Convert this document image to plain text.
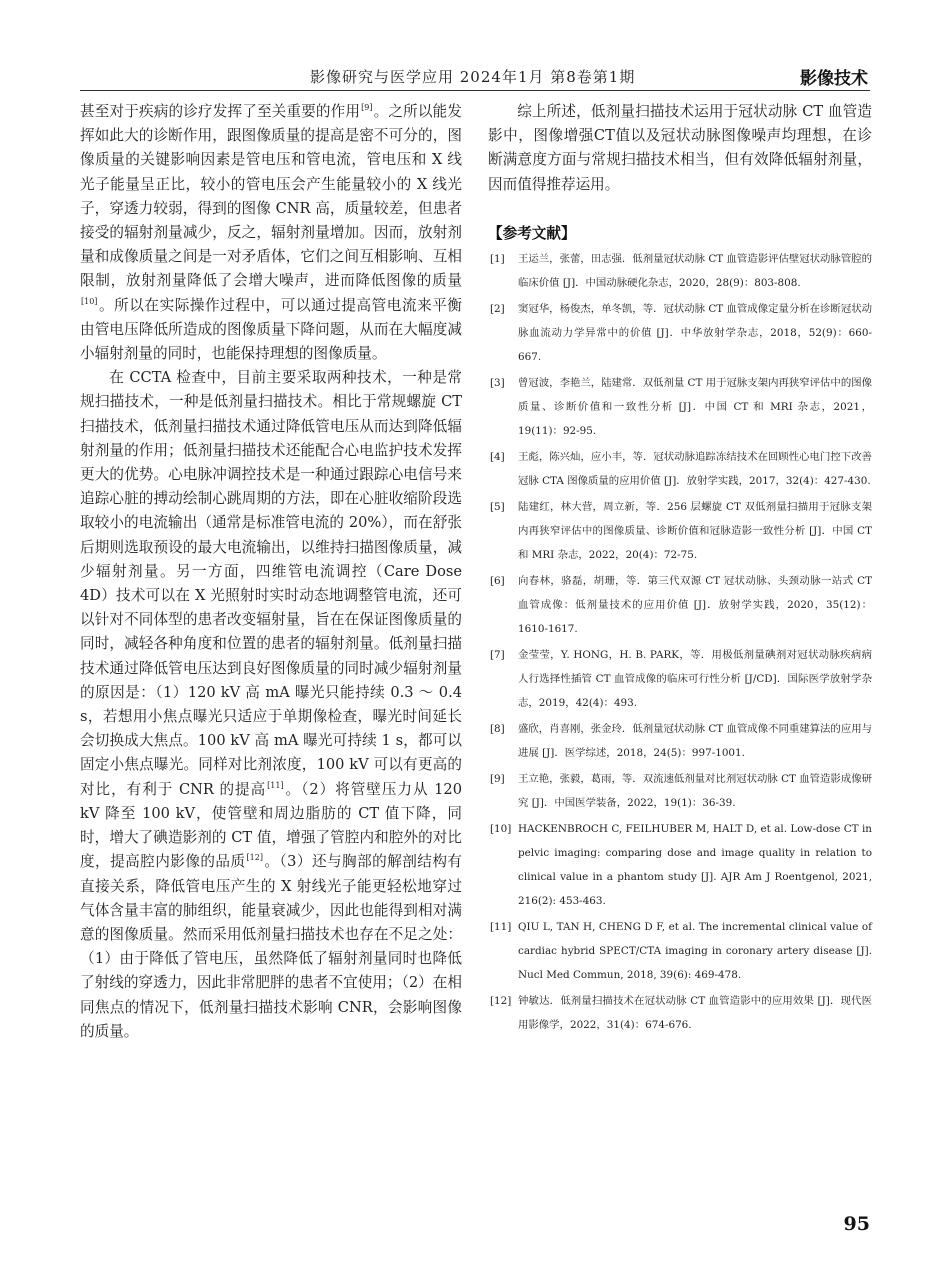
影像研究与医学应用 2024年1月 第8卷第1期	影像技术

甚至对于疾病的诊疗发挥了至关重要的作用[9]。之所以能发挥如此大的诊断作用，跟图像质量的提高是密不可分的，图像质量的关键影响因素是管电压和管电流，管电压和 X 线光子能量呈正比，较小的管电压会产生能量较小的 X 线光子，穿透力较弱，得到的图像 CNR 高，质量较差，但患者接受的辐射剂量减少，反之，辐射剂量增加。因而，放射剂量和成像质量之间是一对矛盾体，它们之间互相影响、互相限制，放射剂量降低了会增大噪声，进而降低图像的质量[10]。所以在实际操作过程中，可以通过提高管电流来平衡由管电压降低所造成的图像质量下降问题，从而在大幅度减小辐射剂量的同时，也能保持理想的图像质量。

在 CCTA 检查中，目前主要采取两种技术，一种是常规扫描技术，一种是低剂量扫描技术。相比于常规螺旋 CT 扫描技术，低剂量扫描技术通过降低管电压从而达到降低辐射剂量的作用；低剂量扫描技术还能配合心电监护技术发挥更大的优势。心电脉冲调控技术是一种通过跟踪心电信号来追踪心脏的搏动绘制心跳周期的方法，即在心脏收缩阶段选取较小的电流输出（通常是标准管电流的 20%），而在舒张后期则选取预设的最大电流输出，以维持扫描图像质量，减少辐射剂量。另一方面，四维管电流调控（Care Dose 4D）技术可以在 X 光照射时实时动态地调整管电流，还可以针对不同体型的患者改变辐射量，旨在在保证图像质量的同时，减轻各种角度和位置的患者的辐射剂量。低剂量扫描技术通过降低管电压达到良好图像质量的同时减少辐射剂量的原因是：（1）120 kV 高 mA 曝光只能持续 0.3 ～ 0.4 s，若想用小焦点曝光只适应于单期像检查，曝光时间延长会切换成大焦点。100 kV 高 mA 曝光可持续 1 s，都可以固定小焦点曝光。同样对比剂浓度，100 kV 可以有更高的对比，有利于 CNR 的提高[11]。（2）将管壁压力从 120 kV 降至 100 kV，使管壁和周边脂肪的 CT 值下降，同时，增大了碘造影剂的 CT 值，增强了管腔内和腔外的对比度，提高腔内影像的品质[12]。（3）还与胸部的解剖结构有直接关系，降低管电压产生的 X 射线光子能更轻松地穿过气体含量丰富的肺组织，能量衰减少，因此也能得到相对满意的图像质量。然而采用低剂量扫描技术也存在不足之处：（1）由于降低了管电压，虽然降低了辐射剂量同时也降低了射线的穿透力，因此非常肥胖的患者不宜使用；（2）在相同焦点的情况下，低剂量扫描技术影响 CNR，会影响图像的质量。

综上所述，低剂量扫描技术运用于冠状动脉 CT 血管造影中，图像增强CT值以及冠状动脉图像噪声均理想，在诊断满意度方面与常规扫描技术相当，但有效降低辐射剂量，因而值得推荐运用。

【参考文献】
[1] 王运兰，张蕾，田志强．低剂量冠状动脉 CT 血管造影评估壁冠状动脉管腔的临床价值 [J]．中国动脉硬化杂志，2020，28(9)：803-808.
[2] 窦冠华，杨俊杰，单冬凯，等．冠状动脉 CT 血管成像定量分析在诊断冠状动脉血流动力学异常中的价值 [J]．中华放射学杂志，2018，52(9)：660-667.
[3] 曾冠波，李艳兰，陆建常．双低剂量 CT 用于冠脉支架内再狭窄评估中的图像质量、诊断价值和一致性分析 [J]．中国 CT 和 MRI 杂志，2021，19(11)：92-95.
[4] 王彪，陈兴灿，应小丰，等．冠状动脉追踪冻结技术在回顾性心电门控下改善冠脉 CTA 图像质量的应用价值 [J]．放射学实践，2017，32(4)：427-430.
[5] 陆建红，林大营，周立新，等．256 层螺旋 CT 双低剂量扫描用于冠脉支架内再狭窄评估中的图像质量、诊断价值和冠脉造影一致性分析 [J]．中国 CT 和 MRI 杂志，2022，20(4)：72-75.
[6] 向春林，骆磊，胡珊，等．第三代双源 CT 冠状动脉、头颈动脉一站式 CT 血管成像：低剂量技术的应用价值 [J]．放射学实践，2020，35(12)：1610-1617.
[7] 金莹莹，Y. HONG，H. B. PARK，等．用极低剂量碘剂对冠状动脉疾病病人行选择性插管 CT 血管成像的临床可行性分析 [J/CD]．国际医学放射学杂志，2019，42(4)：493.
[8] 盛欣，肖喜刚，张金玲．低剂量冠状动脉 CT 血管成像不同重建算法的应用与进展 [J]．医学综述，2018，24(5)：997-1001.
[9] 王立艳，张毅，葛雨，等．双流速低剂量对比剂冠状动脉 CT 血管造影成像研究 [J]．中国医学装备，2022，19(1)：36-39.
[10] HACKENBROCH C, FEILHUBER M, HALT D, et al. Low-dose CT in pelvic imaging: comparing dose and image quality in relation to clinical value in a phantom study [J]. AJR Am J Roentgenol, 2021, 216(2): 453-463.
[11] QIU L, TAN H, CHENG D F, et al. The incremental clinical value of cardiac hybrid SPECT/CTA imaging in coronary artery disease [J]. Nucl Med Commun, 2018, 39(6): 469-478.
[12] 钟敏达．低剂量扫描技术在冠状动脉 CT 血管造影中的应用效果 [J]．现代医用影像学，2022，31(4)：674-676.
95
